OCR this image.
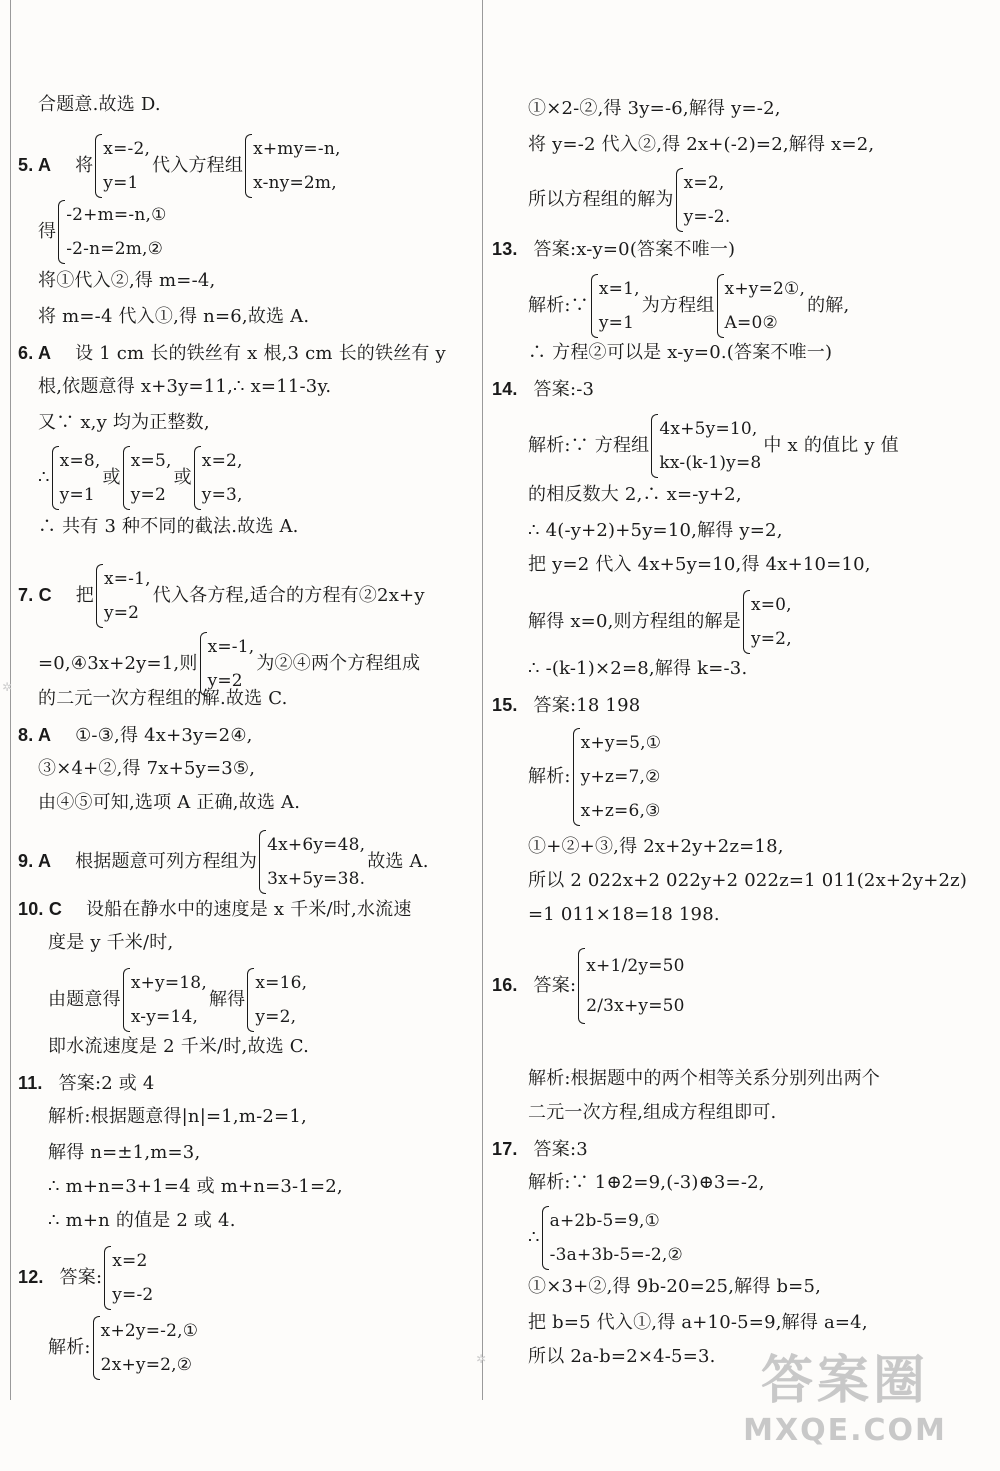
合题意.故选 D.
5. A 将
x=-2,
y=1
代入方程组
x+my=-n,
x-ny=2m,
得
-2+m=-n,①
-2-n=2m,②
将①代入②,得 m=-4,
将 m=-4 代入①,得 n=6,故选 A.
6. A 设 1 cm 长的铁丝有 x 根,3 cm 长的铁丝有 y
根,依题意得 x+3y=11,∴ x=11-3y.
又∵ x,y 均为正整数,
∴
x=8,
y=1
或
x=5,
y=2
或
x=2,
y=3,
∴ 共有 3 种不同的截法.故选 A.
7. C 把
x=-1,
y=2
代入各方程,适合的方程有②2x+y
=0,④3x+2y=1,则
x=-1,
y=2
为②④两个方程组成
的二元一次方程组的解.故选 C.
8. A ①-③,得 4x+3y=2④,
③×4+②,得 7x+5y=3⑤,
由④⑤可知,选项 A 正确,故选 A.
9. A 根据题意可列方程组为
4x+6y=48,
3x+5y=38.
故选 A.
10. C 设船在静水中的速度是 x 千米/时,水流速
度是 y 千米/时,
由题意得
x+y=18,
x-y=14,
解得
x=16,
y=2,
即水流速度是 2 千米/时,故选 C.
11. 答案:2 或 4
解析:根据题意得|n|=1,m-2=1,
解得 n=±1,m=3,
∴ m+n=3+1=4 或 m+n=3-1=2,
∴ m+n 的值是 2 或 4.
12. 答案:
x=2
y=-2
解析:
x+2y=-2,①
2x+y=2,②
①×2-②,得 3y=-6,解得 y=-2,
将 y=-2 代入②,得 2x+(-2)=2,解得 x=2,
所以方程组的解为
x=2,
y=-2.
13. 答案:x-y=0(答案不唯一)
解析:∵
x=1,
y=1
为方程组
x+y=2①,
A=0②
的解,
∴ 方程②可以是 x-y=0.(答案不唯一)
14. 答案:-3
解析:∵ 方程组
4x+5y=10,
kx-(k-1)y=8
中 x 的值比 y 值
的相反数大 2,∴ x=-y+2,
∴ 4(-y+2)+5y=10,解得 y=2,
把 y=2 代入 4x+5y=10,得 4x+10=10,
解得 x=0,则方程组的解是
x=0,
y=2,
∴ -(k-1)×2=8,解得 k=-3.
15. 答案:18 198
解析:
x+y=5,①
y+z=7,②
x+z=6,③
①+②+③,得 2x+2y+2z=18,
所以 2 022x+2 022y+2 022z=1 011(2x+2y+2z)
=1 011×18=18 198.
16. 答案:
x+1/2y=50
2/3x+y=50
解析:根据题中的两个相等关系分别列出两个
二元一次方程,组成方程组即可.
17. 答案:3
解析:∵ 1⊕2=9,(-3)⊕3=-2,
∴
a+2b-5=9,①
-3a+3b-5=-2,②
①×3+②,得 9b-20=25,解得 b=5,
把 b=5 代入①,得 a+10-5=9,解得 a=4,
所以 2a-b=2×4-5=3.
✲
✲	答案圈
MXQE.COM
